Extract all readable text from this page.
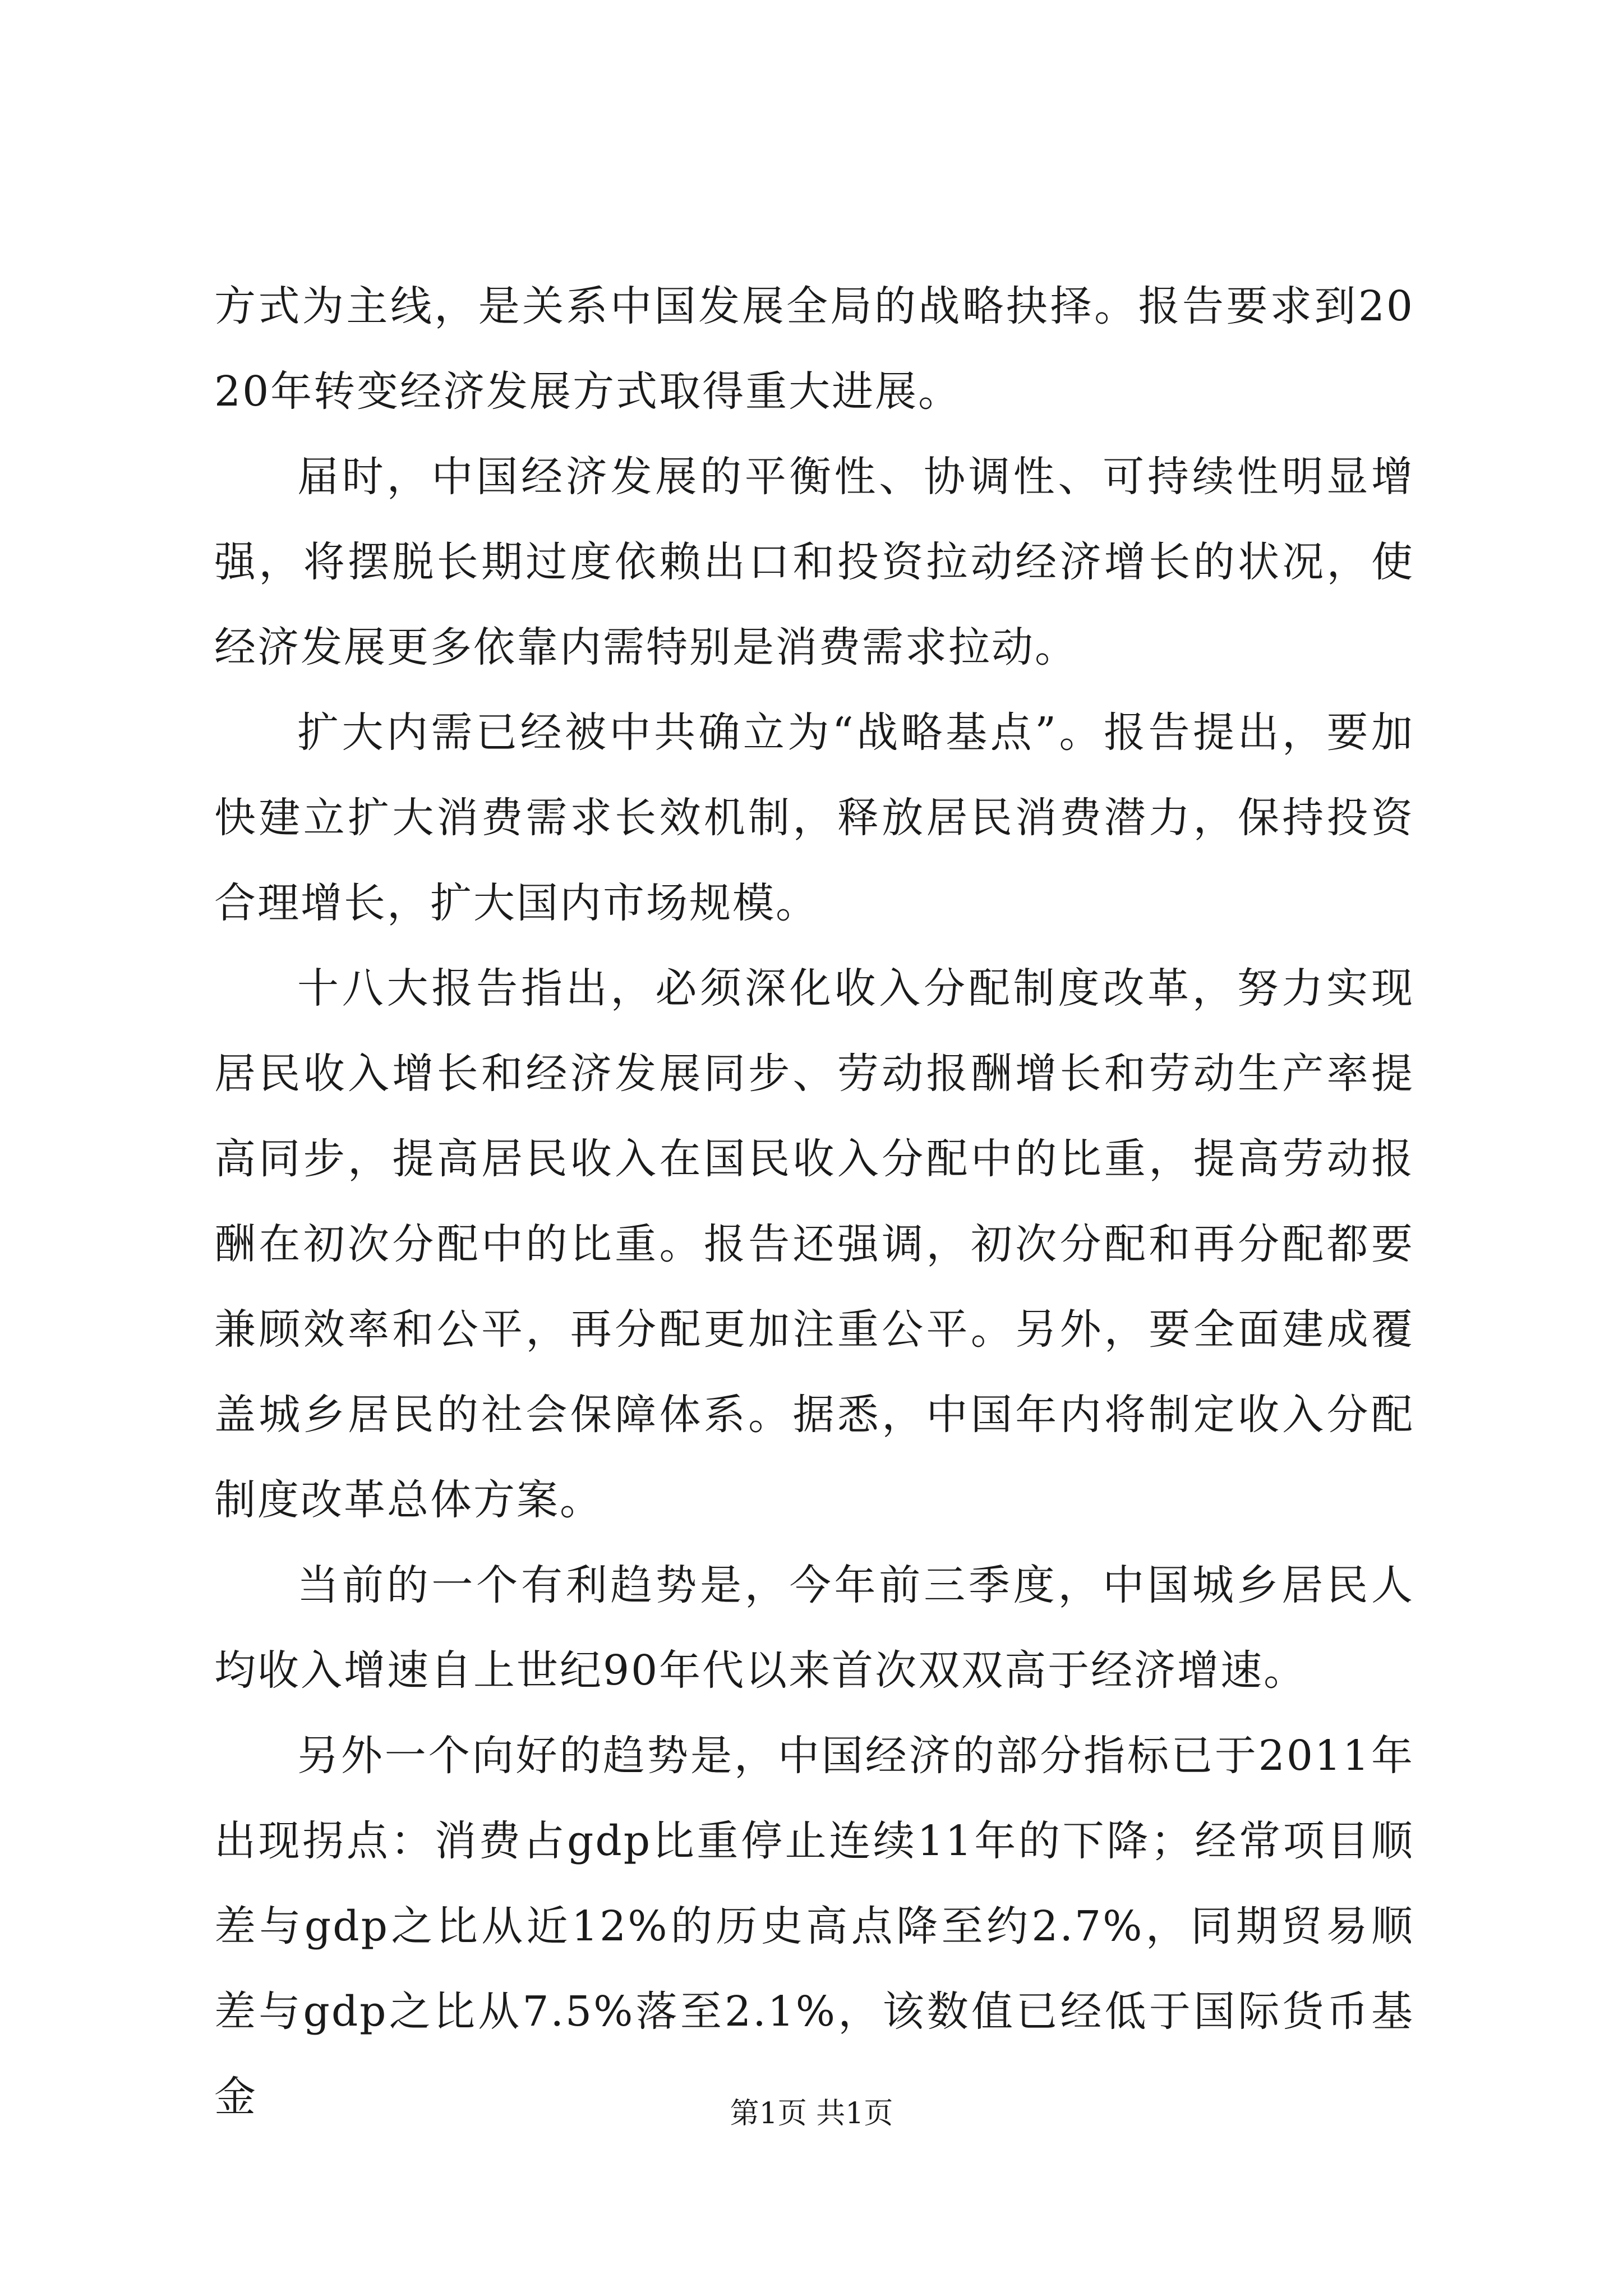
方式为主线，是关系中国发展全局的战略抉择。报告要求到2020年转变经济发展方式取得重大进展。

届时，中国经济发展的平衡性、协调性、可持续性明显增强，将摆脱长期过度依赖出口和投资拉动经济增长的状况，使经济发展更多依靠内需特别是消费需求拉动。

扩大内需已经被中共确立为“战略基点”。报告提出，要加快建立扩大消费需求长效机制，释放居民消费潜力，保持投资合理增长，扩大国内市场规模。

十八大报告指出，必须深化收入分配制度改革，努力实现居民收入增长和经济发展同步、劳动报酬增长和劳动生产率提高同步，提高居民收入在国民收入分配中的比重，提高劳动报酬在初次分配中的比重。报告还强调，初次分配和再分配都要兼顾效率和公平，再分配更加注重公平。另外，要全面建成覆盖城乡居民的社会保障体系。据悉，中国年内将制定收入分配制度改革总体方案。

当前的一个有利趋势是，今年前三季度，中国城乡居民人均收入增速自上世纪90年代以来首次双双高于经济增速。

另外一个向好的趋势是，中国经济的部分指标已于2011年出现拐点：消费占gdp比重停止连续11年的下降；经常项目顺差与gdp之比从近12%的历史高点降至约2.7%，同期贸易顺差与gdp之比从7.5%落至2.1%，该数值已经低于国际货币基金	第1页 共1页
